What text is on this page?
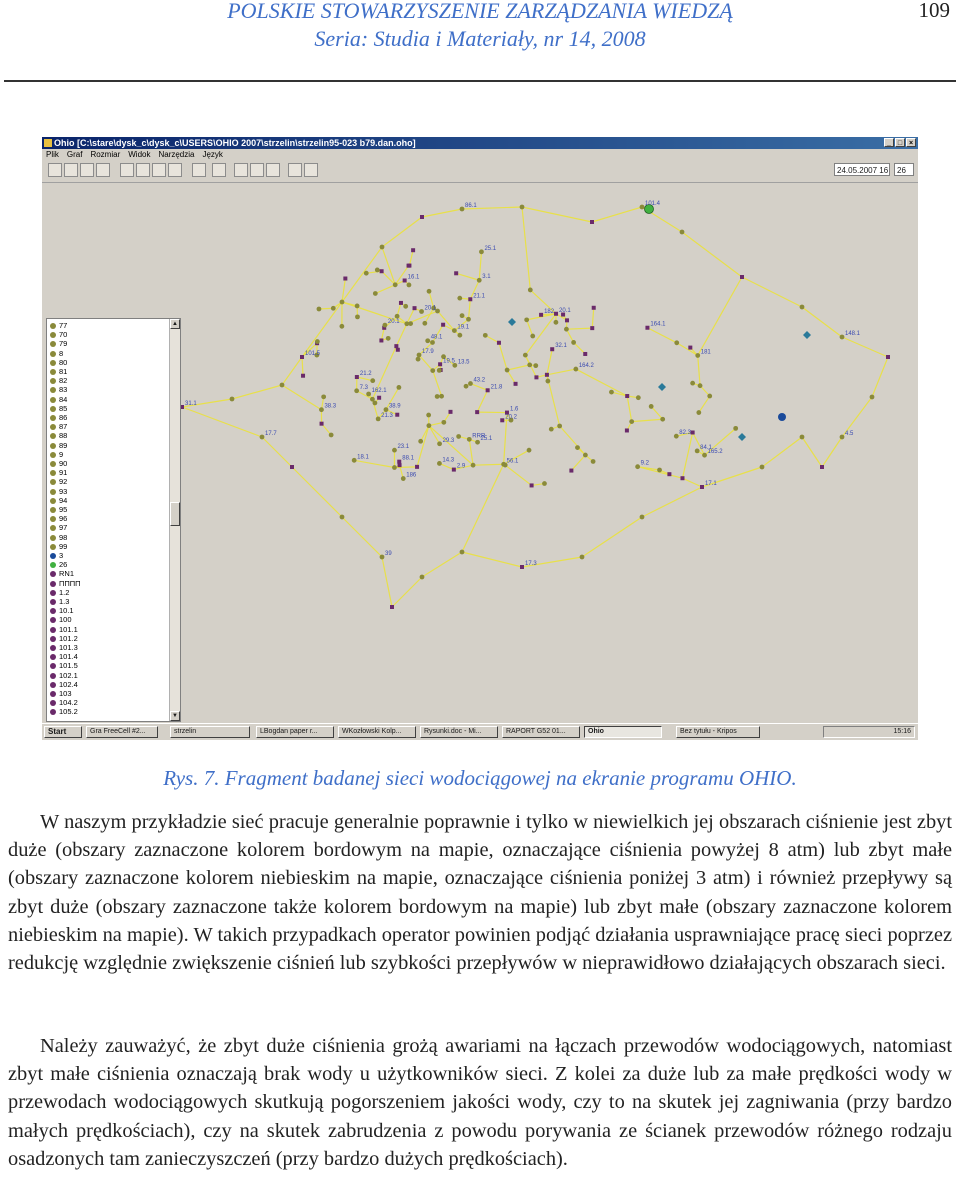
POLSKIE STOWARZYSZENIE ZARZĄDZANIA WIEDZĄ
Seria: Studia i Materiały, nr 14, 2008
109
Ohio [C:\stare\dysk_c\dysk_c\USERS\OHIO 2007\strzelin\strzelin95-023 b79.dan.oho]	_ □ ×
Plik Graf Rozmiar Widok Narzędzia Język
24.05.2007 16	26
101.5
101.4
4.5
17.3
17.7
19.1
20.1
38.3	38.9
21.1
RRR
25.1
2.9
29.3
23.1
21.2
20.1
14.3
20.2
20.1
186
182
181
164.2
164.1
84.1
82.3
31.1
86.1
148.1
17.1
39
56.1
1.6
21.3
17.9
19.5
7.3
3.1
21.8
25.1
48.1
32.1
43.2
18.1
16.1
162.1
13.5
88.1
9.2
165.2
▲
▼
77
70
79
8
80
81
82
83
84
85
86
87
88
89
9
90
91
92
93
94
95
96
97
98
99
3
26
RN1
ПППП
1.2
1.3
10.1
100
101.1
101.2
101.3
101.4
101.5
102.1
102.4
103
104.2
105.2
Start	Gra FreeCell #2...	strzelin	LBogdan paper r...	WKozłowski Kolp...	Rysunki.doc - Mi...	RAPORT G52 01...	Ohio	Bez tytułu - Kripos	15:16
Rys. 7. Fragment badanej sieci wodociągowej na ekranie programu OHIO.

W naszym przykładzie sieć pracuje generalnie poprawnie i tylko w niewielkich jej obszarach ciśnienie jest zbyt duże (obszary zaznaczone kolorem bordowym na mapie, oznaczające ciśnienia powyżej 8 atm) lub zbyt małe (obszary zaznaczone kolorem niebieskim na mapie, oznaczające ciśnienia poniżej 3 atm) i również przepływy są zbyt duże (obszary zaznaczone także kolorem bordowym na mapie) lub zbyt małe (obszary zaznaczone kolorem niebieskim na mapie). W takich przypadkach operator powinien podjąć działania usprawniające pracę sieci poprzez redukcję względnie zwiększenie ciśnień lub szybkości przepływów w nieprawidłowo działających obszarach sieci.

Należy zauważyć, że zbyt duże ciśnienia grożą awariami na łączach przewodów wodociągowych, natomiast zbyt małe ciśnienia oznaczają brak wody u użytkowników sieci. Z kolei za duże lub za małe prędkości wody w przewodach wodociągowych skutkują pogorszeniem jakości wody, czy to na skutek jej zagniwania (przy bardzo małych prędkościach), czy na skutek zabrudzenia z powodu porywania ze ścianek przewodów różnego rodzaju osadzonych tam zanieczyszczeń (przy bardzo dużych prędkościach).
